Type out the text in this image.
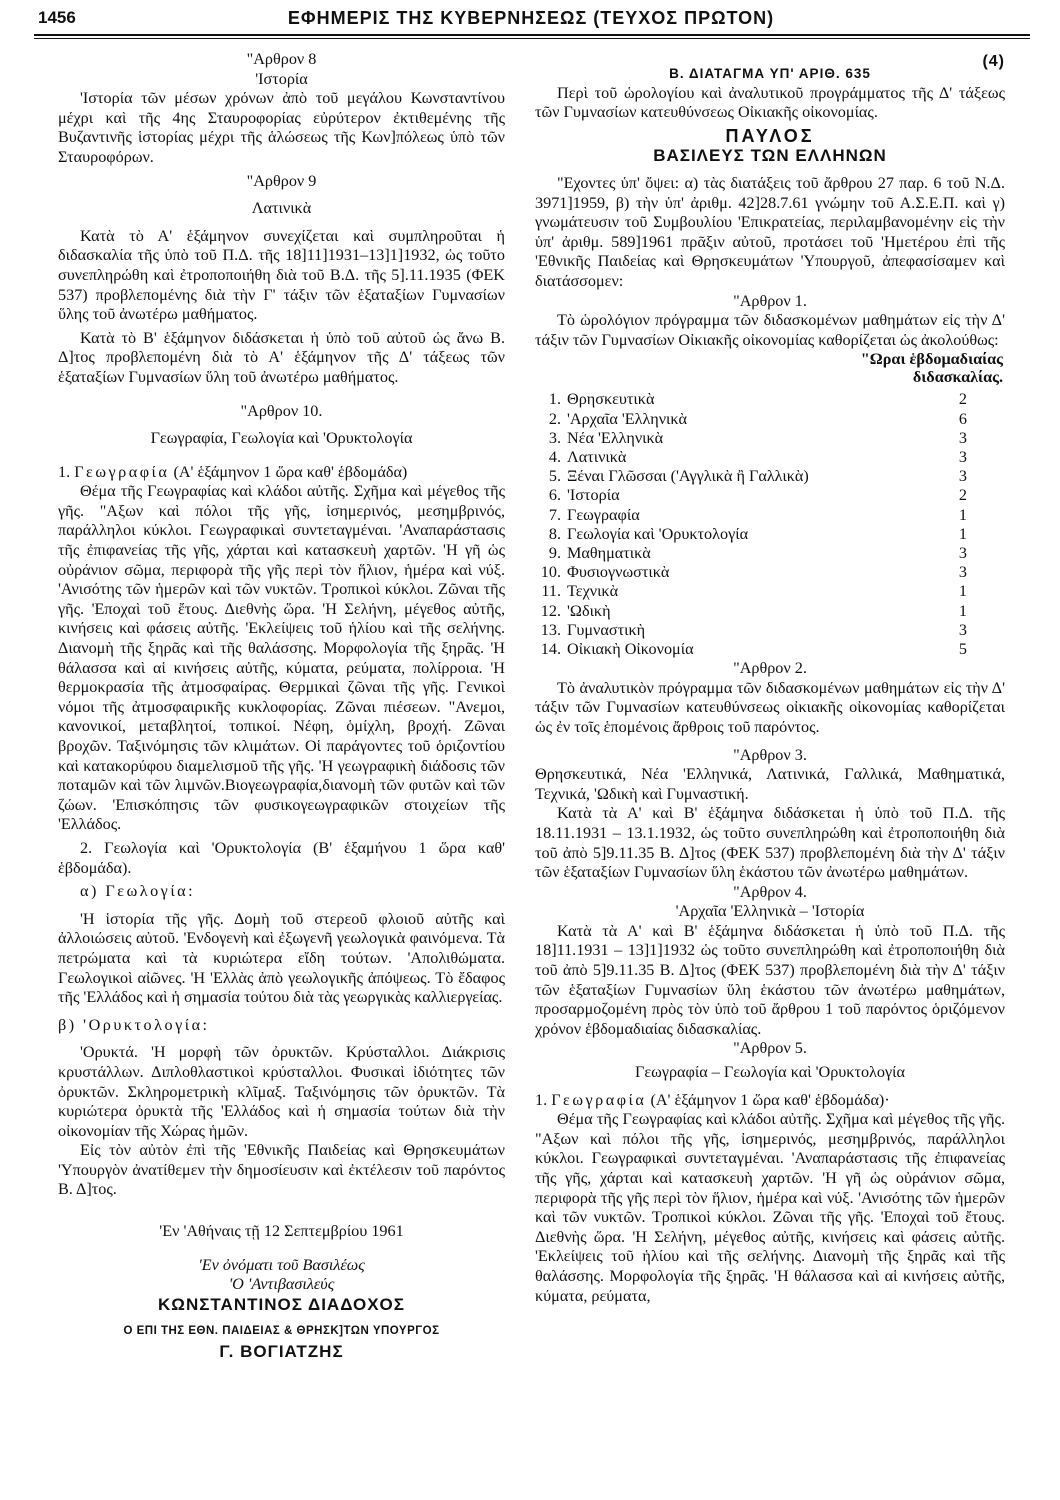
1456	ΕΦΗΜΕΡΙΣ ΤΗΣ ΚΥΒΕΡΝΗΣΕΩΣ (ΤΕΥΧΟΣ ΠΡΩΤΟΝ)

"Αρθρον 8

'Ιστορία

'Ιστορία τῶν μέσων χρόνων ἀπὸ τοῦ μεγάλου Κωνσταντίνου μέχρι καὶ τῆς 4ης Σταυροφορίας εὐρύτερον ἐκτιθεμένης τῆς Βυζαντινῆς ἱστορίας μέχρι τῆς ἁλώσεως τῆς Κων]πόλεως ὑπὸ τῶν Σταυροφόρων.

"Αρθρον 9

Λατινικὰ

Κατὰ τὸ Α' ἑξάμηνον συνεχίζεται καὶ συμπληροῦται ἡ διδασκαλία τῆς ὑπὸ τοῦ Π.Δ. τῆς 18]11]1931–13]1]1932, ὡς τοῦτο συνεπληρώθη καὶ ἐτροποποιήθη διὰ τοῦ Β.Δ. τῆς 5].11.1935 (ΦΕΚ 537) προβλεπομένης διὰ τὴν Γ' τάξιν τῶν ἑξαταξίων Γυμνασίων ὕλης τοῦ ἀνωτέρω μαθήματος.

Κατὰ τὸ Β' ἑξάμηνον διδάσκεται ἡ ὑπὸ τοῦ αὐτοῦ ὡς ἄνω Β. Δ]τος προβλεπομένη διὰ τὸ Α' ἑξάμηνον τῆς Δ' τάξεως τῶν ἑξαταξίων Γυμνασίων ὕλη τοῦ ἀνωτέρω μαθήματος.

"Αρθρον 10.

Γεωγραφία, Γεωλογία καὶ 'Ορυκτολογία

1. Γεωγραφία (Α' ἑξάμηνον 1 ὥρα καθ' ἑβδομάδα)

Θέμα τῆς Γεωγραφίας καὶ κλάδοι αὐτῆς. Σχῆμα καὶ μέγεθος τῆς γῆς. "Αξων καὶ πόλοι τῆς γῆς, ἰσημερινός, μεσημβρινός, παράλληλοι κύκλοι. Γεωγραφικαὶ συντεταγμέναι. 'Αναπαράστασις τῆς ἐπιφανείας τῆς γῆς, χάρται καὶ κατασκευὴ χαρτῶν. 'Η γῆ ὡς οὐράνιον σῶμα, περιφορὰ τῆς γῆς περὶ τὸν ἥλιον, ἡμέρα καὶ νύξ. 'Ανισότης τῶν ἡμερῶν καὶ τῶν νυκτῶν. Τροπικοὶ κύκλοι. Ζῶναι τῆς γῆς. 'Εποχαὶ τοῦ ἔτους. Διεθνὴς ὥρα. 'Η Σελήνη, μέγεθος αὐτῆς, κινήσεις καὶ φάσεις αὐτῆς. 'Εκλείψεις τοῦ ἡλίου καὶ τῆς σελήνης. Διανομὴ τῆς ξηρᾶς καὶ τῆς θαλάσσης. Μορφολογία τῆς ξηρᾶς. 'Η θάλασσα καὶ αἱ κινήσεις αὐτῆς, κύματα, ρεύματα, πολίρροια. 'Η θερμοκρασία τῆς ἀτμοσφαίρας. Θερμικαὶ ζῶναι τῆς γῆς. Γενικοὶ νόμοι τῆς ἀτμοσφαιρικῆς κυκλοφορίας. Ζῶναι πιέσεων. "Ανεμοι, κανονικοί, μεταβλητοί, τοπικοί. Νέφη, ὁμίχλη, βροχή. Ζῶναι βροχῶν. Ταξινόμησις τῶν κλιμάτων. Οἱ παράγοντες τοῦ ὁριζοντίου καὶ κατακορύφου διαμελισμοῦ τῆς γῆς. 'Η γεωγραφικὴ διάδοσις τῶν ποταμῶν καὶ τῶν λιμνῶν.Βιογεωγραφία,διανομὴ τῶν φυτῶν καὶ τῶν ζώων. 'Επισκόπησις τῶν φυσικογεωγραφικῶν στοιχείων τῆς 'Ελλάδος.

2. Γεωλογία καὶ 'Ορυκτολογία (Β' ἑξαμήνου 1 ὥρα καθ' ἑβδομάδα).

α) Γεωλογία:

'Η ἱστορία τῆς γῆς. Δομὴ τοῦ στερεοῦ φλοιοῦ αὐτῆς καὶ ἀλλοιώσεις αὐτοῦ. 'Ενδογενὴ καὶ ἐξωγενῆ γεωλογικὰ φαινόμενα. Τὰ πετρώματα καὶ τὰ κυριώτερα εἴδη τούτων. 'Απολιθώματα. Γεωλογικοὶ αἰῶνες. 'Η 'Ελλὰς ἀπὸ γεωλογικῆς ἀπόψεως. Τὸ ἔδαφος τῆς 'Ελλάδος καὶ ἡ σημασία τούτου διὰ τὰς γεωργικὰς καλλιεργείας.

β) 'Ορυκτολογία:

'Ορυκτά. 'Η μορφὴ τῶν ὀρυκτῶν. Κρύσταλλοι. Διάκρισις κρυστάλλων. Διπλοθλαστικοὶ κρύσταλλοι. Φυσικαὶ ἰδιότητες τῶν ὀρυκτῶν. Σκληρομετρικὴ κλῖμαξ. Ταξινόμησις τῶν ὀρυκτῶν. Τὰ κυριώτερα ὀρυκτὰ τῆς 'Ελλάδος καὶ ἡ σημασία τούτων διὰ τὴν οἰκονομίαν τῆς Χώρας ἡμῶν.

Εἰς τὸν αὐτὸν ἐπὶ τῆς 'Εθνικῆς Παιδείας καὶ Θρησκευμάτων 'Υπουργὸν ἀνατίθεμεν τὴν δημοσίευσιν καὶ ἐκτέλεσιν τοῦ παρόντος Β. Δ]τος.

'Εν 'Αθήναις τῇ 12 Σεπτεμβρίου 1961

'Εν ὀνόματι τοῦ Βασιλέως

'Ο 'Αντιβασιλεύς

ΚΩΝΣΤΑΝΤΙΝΟΣ ΔΙΑΔΟΧΟΣ

Ο ΕΠΙ ΤΗΣ ΕΘΝ. ΠΑΙΔΕΙΑΣ & ΘΡΗΣΚ]ΤΩΝ ΥΠΟΥΡΓΟΣ

Γ. ΒΟΓΙΑΤΖΗΣ

Β. ΔΙΑΤΑΓΜΑ ΥΠ' ΑΡΙΘ. 635
(4)

Περὶ τοῦ ὡρολογίου καὶ ἀναλυτικοῦ προγράμματος τῆς Δ' τάξεως τῶν Γυμνασίων κατευθύνσεως Οἰκιακῆς οἰκονομίας.

ΠΑΥΛΟΣ

ΒΑΣΙΛΕΥΣ ΤΩΝ ΕΛΛΗΝΩΝ

"Εχοντες ὑπ' ὄψει: α) τὰς διατάξεις τοῦ ἄρθρου 27 παρ. 6 τοῦ Ν.Δ. 3971]1959, β) τὴν ὑπ' ἀριθμ. 42]28.7.61 γνώμην τοῦ Α.Σ.Ε.Π. καὶ γ) γνωμάτευσιν τοῦ Συμβουλίου 'Επικρατείας, περιλαμβανομένην εἰς τὴν ὑπ' ἀριθμ. 589]1961 πρᾶξιν αὐτοῦ, προτάσει τοῦ 'Ημετέρου ἐπὶ τῆς 'Εθνικῆς Παιδείας καὶ Θρησκευμάτων 'Υπουργοῦ, ἀπεφασίσαμεν καὶ διατάσσομεν:

"Αρθρον 1.

Τὸ ὡρολόγιον πρόγραμμα τῶν διδασκομένων μαθημάτων εἰς τὴν Δ' τάξιν τῶν Γυμνασίων Οἰκιακῆς οἰκονομίας καθορίζεται ὡς ἀκολούθως:

"Ωραι ἑβδομαδιαίας
διδασκαλίας.
1.	Θρησκευτικὰ	2
2.	'Αρχαῖα 'Ελληνικὰ	6
3.	Νέα 'Ελληνικὰ	3
4.	Λατινικὰ	3
5.	Ξέναι Γλῶσσαι ('Αγγλικὰ ἢ Γαλλικὰ)	3
6.	'Ιστορία	2
7.	Γεωγραφία	1
8.	Γεωλογία καὶ 'Ορυκτολογία	1
9.	Μαθηματικὰ	3
10.	Φυσιογνωστικὰ	3
11.	Τεχνικὰ	1
12.	'Ωδικὴ	1
13.	Γυμναστικὴ	3
14.	Οἰκιακὴ Οἰκονομία	5

"Αρθρον 2.

Τὸ ἀναλυτικὸν πρόγραμμα τῶν διδασκομένων μαθημάτων εἰς τὴν Δ' τάξιν τῶν Γυμνασίων κατευθύνσεως οἰκιακῆς οἰκονομίας καθορίζεται ὡς ἐν τοῖς ἑπομένοις ἄρθροις τοῦ παρόντος.

"Αρθρον 3.

Θρησκευτικά, Νέα 'Ελληνικά, Λατινικά, Γαλλικά, Μαθηματικά, Τεχνικά, 'Ωδικὴ καὶ Γυμναστική.

Κατὰ τὰ Α' καὶ Β' ἑξάμηνα διδάσκεται ἡ ὑπὸ τοῦ Π.Δ. τῆς 18.11.1931 – 13.1.1932, ὡς τοῦτο συνεπληρώθη καὶ ἐτροποποιήθη διὰ τοῦ ἀπὸ 5]9.11.35 Β. Δ]τος (ΦΕΚ 537) προβλεπομένη διὰ τὴν Δ' τάξιν τῶν ἑξαταξίων Γυμνασίων ὕλη ἑκάστου τῶν ἀνωτέρω μαθημάτων.

"Αρθρον 4.

'Αρχαῖα 'Ελληνικὰ – 'Ιστορία

Κατὰ τὰ Α' καὶ Β' ἑξάμηνα διδάσκεται ἡ ὑπὸ τοῦ Π.Δ. τῆς 18]11.1931 – 13]1]1932 ὡς τοῦτο συνεπληρώθη καὶ ἐτροποποιήθη διὰ τοῦ ἀπὸ 5]9.11.35 Β. Δ]τος (ΦΕΚ 537) προβλεπομένη διὰ τὴν Δ' τάξιν τῶν ἑξαταξίων Γυμνασίων ὕλη ἑκάστου τῶν ἀνωτέρω μαθημάτων, προσαρμοζομένη πρὸς τὸν ὑπὸ τοῦ ἄρθρου 1 τοῦ παρόντος ὁριζόμενον χρόνον ἑβδομαδιαίας διδασκαλίας.

"Αρθρον 5.

Γεωγραφία – Γεωλογία καὶ 'Ορυκτολογία

1. Γεωγραφία (Α' ἑξάμηνον 1 ὥρα καθ' ἑβδομάδα)·

Θέμα τῆς Γεωγραφίας καὶ κλάδοι αὐτῆς. Σχῆμα καὶ μέγεθος τῆς γῆς. "Αξων καὶ πόλοι τῆς γῆς, ἰσημερινός, μεσημβρινός, παράλληλοι κύκλοι. Γεωγραφικαὶ συντεταγμέναι. 'Αναπαράστασις τῆς ἐπιφανείας τῆς γῆς, χάρται καὶ κατασκευὴ χαρτῶν. 'Η γῆ ὡς οὐράνιον σῶμα, περιφορὰ τῆς γῆς περὶ τὸν ἥλιον, ἡμέρα καὶ νύξ. 'Ανισότης τῶν ἡμερῶν καὶ τῶν νυκτῶν. Τροπικοὶ κύκλοι. Ζῶναι τῆς γῆς. 'Εποχαὶ τοῦ ἔτους. Διεθνὴς ὥρα. 'Η Σελήνη, μέγεθος αὐτῆς, κινήσεις καὶ φάσεις αὐτῆς. 'Εκλείψεις τοῦ ἡλίου καὶ τῆς σελήνης. Διανομὴ τῆς ξηρᾶς καὶ τῆς θαλάσσης. Μορφολογία τῆς ξηρᾶς. 'Η θάλασσα καὶ αἱ κινήσεις αὐτῆς, κύματα, ρεύματα,
